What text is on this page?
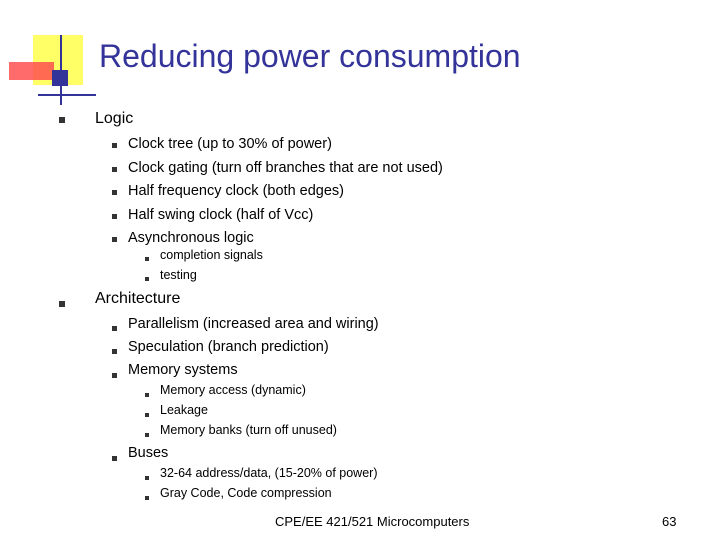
Reducing power consumption
Logic
Clock tree (up to 30% of power)
Clock gating (turn off branches that are not used)
Half frequency clock (both edges)
Half swing clock (half of Vcc)
Asynchronous logic
completion signals
testing
Architecture
Parallelism (increased area and wiring)
Speculation (branch prediction)
Memory systems
Memory access (dynamic)
Leakage
Memory banks (turn off unused)
Buses
32-64 address/data, (15-20% of power)
Gray Code, Code compression
CPE/EE 421/521 Microcomputers	63
